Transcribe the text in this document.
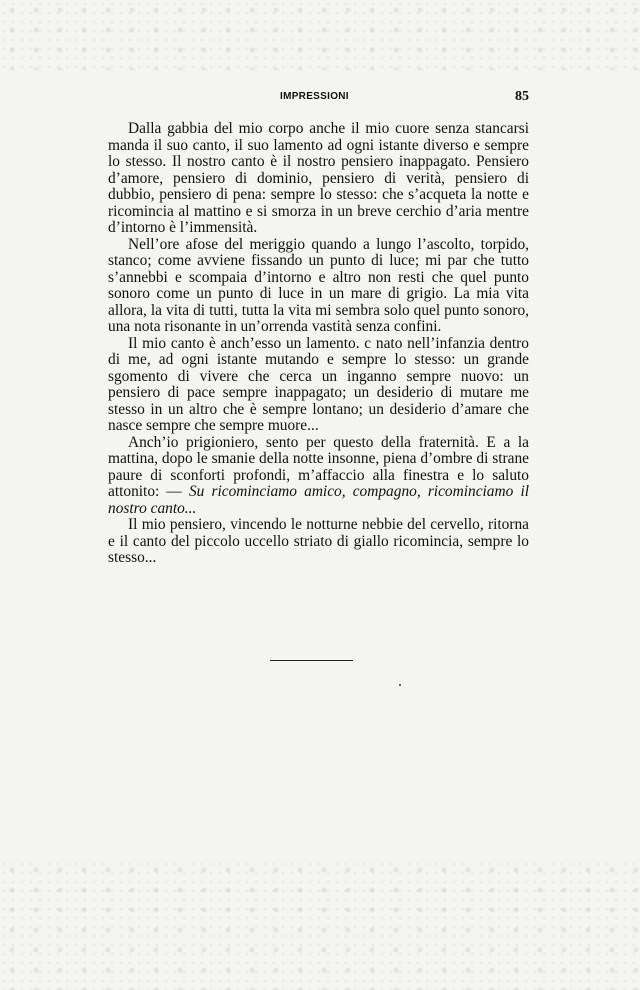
IMPRESSIONI	85

Dalla gabbia del mio corpo anche il mio cuore senza stancarsi manda il suo canto, il suo lamento ad ogni istante diverso e sempre lo stesso. Il nostro canto è il nostro pensiero inappagato. Pensiero d’amore, pensiero di dominio, pensiero di verità, pensiero di dubbio, pensiero di pena: sempre lo stesso: che s’acqueta la notte e ricomincia al mattino e si smorza in un breve cerchio d’aria mentre d’intorno è l’immensità.

Nell’ore afose del meriggio quando a lungo l’ascolto, torpido, stanco; come avviene fissando un punto di luce; mi par che tutto s’annebbi e scompaia d’intorno e altro non resti che quel punto sonoro come un punto di luce in un mare di grigio. La mia vita allora, la vita di tutti, tutta la vita mi sembra solo quel punto sonoro, una nota risonante in un’orrenda vastità senza confini.

Il mio canto è anch’esso un lamento. c nato nell’infanzia dentro di me, ad ogni istante mutando e sempre lo stesso: un grande sgomento di vivere che cerca un inganno sempre nuovo: un pensiero di pace sempre inappagato; un desiderio di mutare me stesso in un altro che è sempre lontano; un desiderio d’amare che nasce sempre che sempre muore...

Anch’io prigioniero, sento per questo della fraternità. E a la mattina, dopo le smanie della notte insonne, piena d’ombre di strane paure di sconforti profondi, m’affaccio alla finestra e lo saluto attonito: — Su ricominciamo amico, compagno, ricominciamo il nostro canto...

Il mio pensiero, vincendo le notturne nebbie del cervello, ritorna e il canto del piccolo uccello striato di giallo ricomincia, sempre lo stesso...
